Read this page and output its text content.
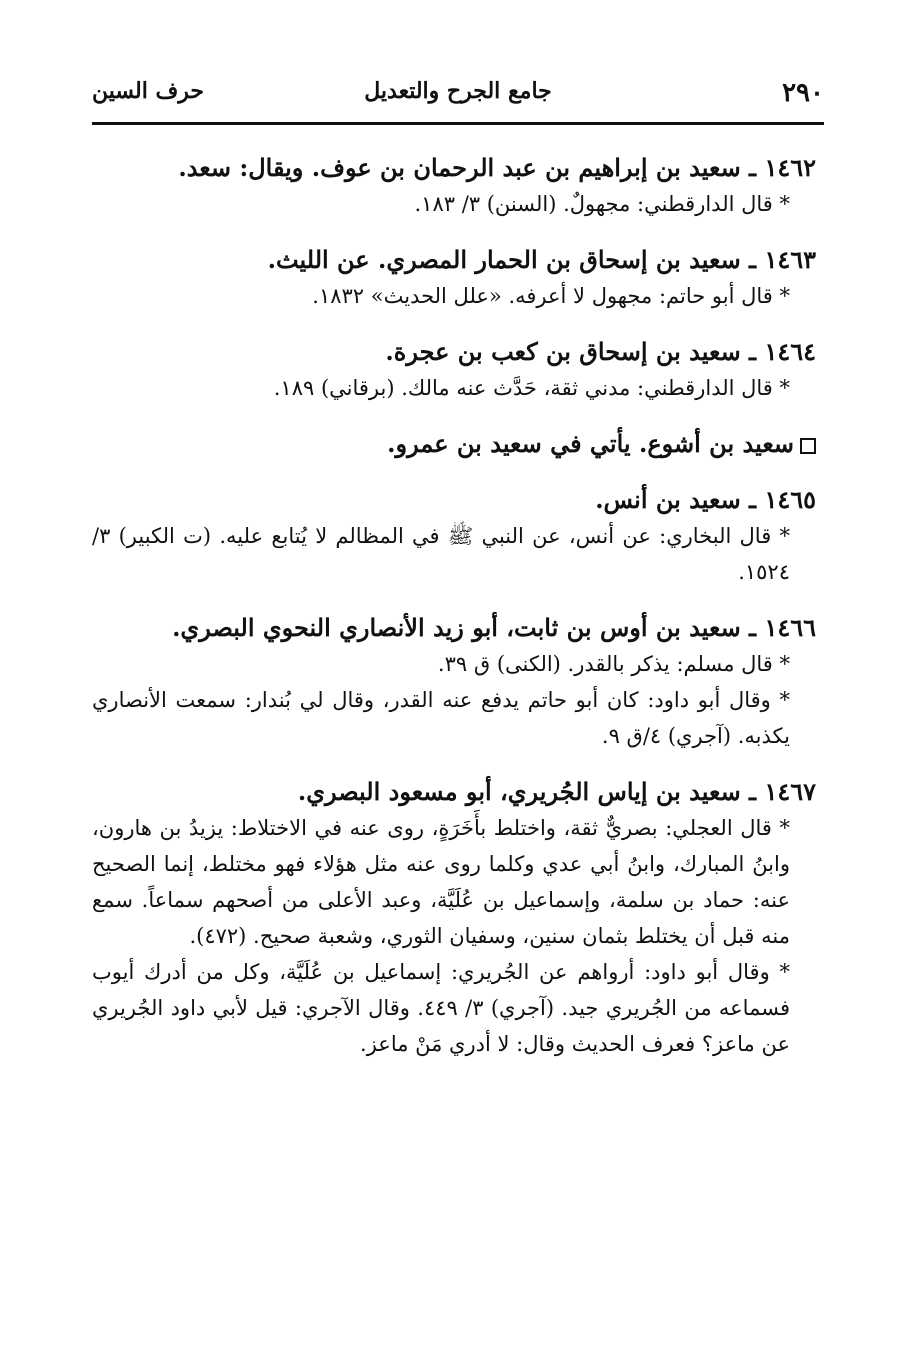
٢٩٠
جامع الجرح والتعديل
حرف السين
١٤٦٢ ـ سعيد بن إبراهيم بن عبد الرحمان بن عوف. ويقال: سعد.
* قال الدارقطني: مجهولٌ. (السنن) ٣/ ١٨٣.
١٤٦٣ ـ سعيد بن إسحاق بن الحمار المصري. عن الليث.
* قال أبو حاتم: مجهول لا أعرفه. «علل الحديث» ١٨٣٢.
١٤٦٤ ـ سعيد بن إسحاق بن كعب بن عجرة.
* قال الدارقطني: مدني ثقة، حَدَّث عنه مالك. (برقاني) ١٨٩.
سعيد بن أشوع. يأتي في سعيد بن عمرو.
١٤٦٥ ـ سعيد بن أنس.
* قال البخاري: عن أنس، عن النبي ﷺ في المظالم لا يُتابع عليه. (ت الكبير) ٣/ ١٥٢٤.
١٤٦٦ ـ سعيد بن أوس بن ثابت، أبو زيد الأنصاري النحوي البصري.
* قال مسلم: يذكر بالقدر. (الكنى) ق ٣٩.
* وقال أبو داود: كان أبو حاتم يدفع عنه القدر، وقال لي بُندار: سمعت الأنصاري يكذبه. (آجري) ٤/ق ٩.
١٤٦٧ ـ سعيد بن إياس الجُريري، أبو مسعود البصري.
* قال العجلي: بصريٌّ ثقة، واختلط بأَخَرَةٍ، روى عنه في الاختلاط: يزيدُ بن هارون، وابنُ المبارك، وابنُ أبي عدي وكلما روى عنه مثل هؤلاء فهو مختلط، إنما الصحيح عنه: حماد بن سلمة، وإسماعيل بن عُلَيَّة، وعبد الأعلى من أصحهم سماعاً. سمع منه قبل أن يختلط بثمان سنين، وسفيان الثوري، وشعبة صحيح. (٤٧٢).
* وقال أبو داود: أرواهم عن الجُريري: إسماعيل بن عُلَيَّة، وكل من أدرك أيوب فسماعه من الجُريري جيد. (آجري) ٣/ ٤٤٩. وقال الآجري: قيل لأبي داود الجُريري عن ماعز؟ فعرف الحديث وقال: لا أدري مَنْ ماعز.
